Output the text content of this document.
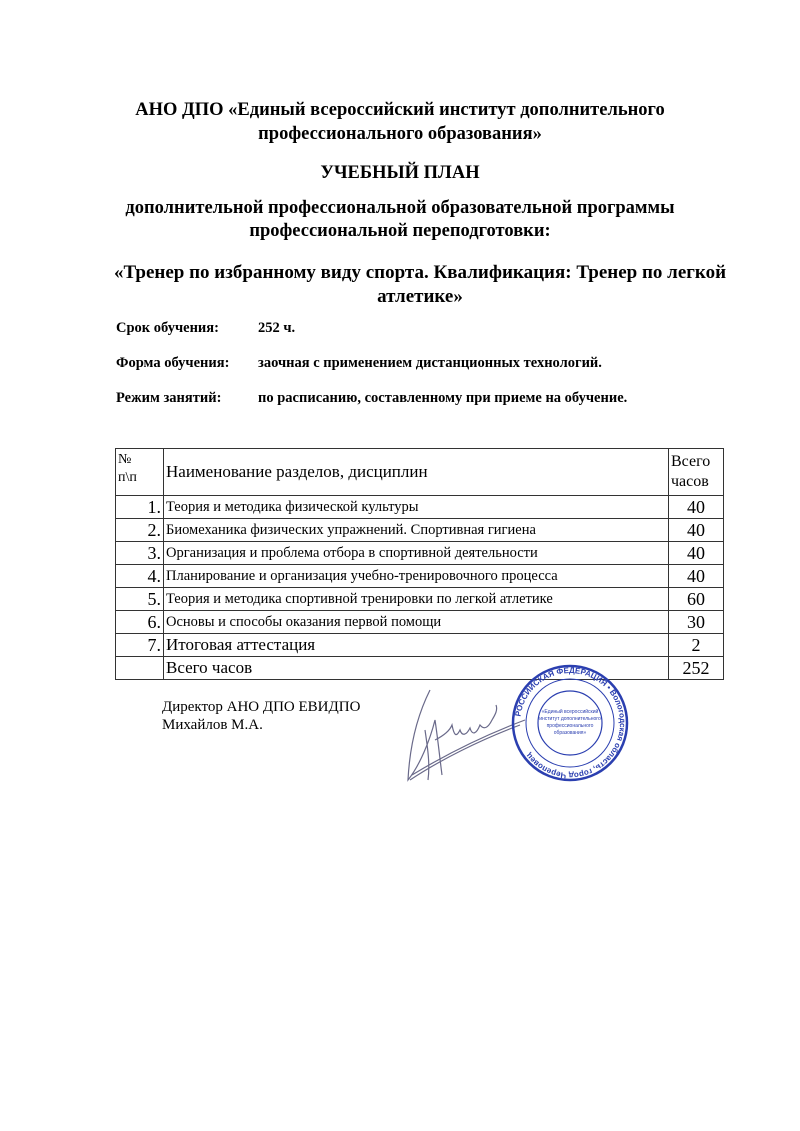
АНО ДПО «Единый всероссийский институт дополнительного
профессионального образования»
УЧЕБНЫЙ ПЛАН
дополнительной профессиональной образовательной программы
профессиональной переподготовки:
«Тренер по избранному виду спорта. Квалификация: Тренер по легкой
атлетике»
Срок обучения:	252 ч.
Форма обучения: заочная с применением дистанционных технологий.
Режим занятий:	по расписанию, составленному при приеме на обучение.
№
п\п	Наименование разделов, дисциплин	
Всего
часов

1.	Теория и методика физической культуры	40
2.	Биомеханика физических упражнений. Спортивная гигиена	40
3.	Организация и проблема отбора в спортивной деятельности	40
4.	Планирование и организация учебно-тренировочного процесса	40
5.	Теория и методика спортивной тренировки по легкой атлетике	60
6.	Основы и способы оказания первой помощи	30
7.	Итоговая аттестация	2
	Всего часов	252
Директор АНО ДПО ЕВИДПО
Михайлов М.А.
РОССИЙСКАЯ ФЕДЕРАЦИЯ • Вологодская область, город Череповец
«Единый всероссийский
институт дополнительного
профессионального
образования»
